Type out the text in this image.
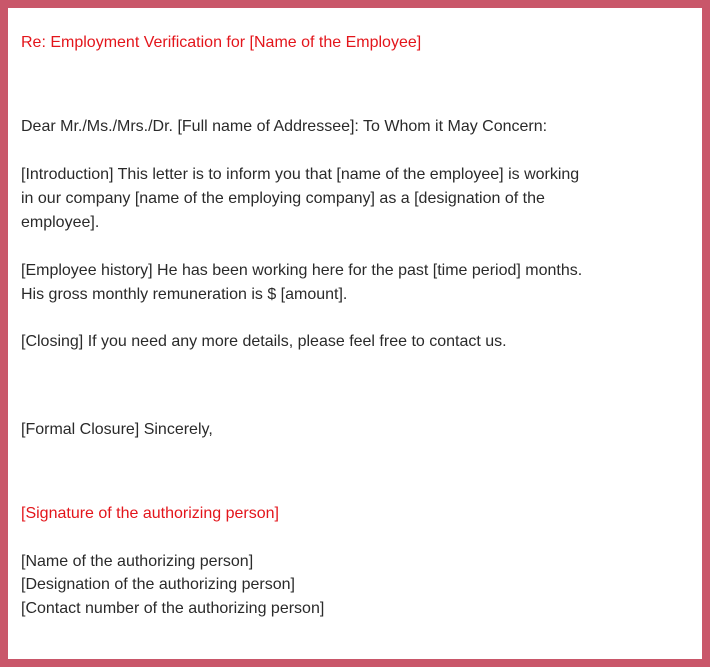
Re: Employment Verification for [Name of the Employee]
Dear Mr./Ms./Mrs./Dr. [Full name of Addressee]: To Whom it May Concern:
[Introduction] This letter is to inform you that [name of the employee] is working
in our company [name of the employing company] as a [designation of the
employee].
[Employee history] He has been working here for the past [time period] months.
His gross monthly remuneration is $ [amount].
[Closing] If you need any more details, please feel free to contact us.
[Formal Closure] Sincerely,
[Signature of the authorizing person]
[Name of the authorizing person]
[Designation of the authorizing person]
[Contact number of the authorizing person]
